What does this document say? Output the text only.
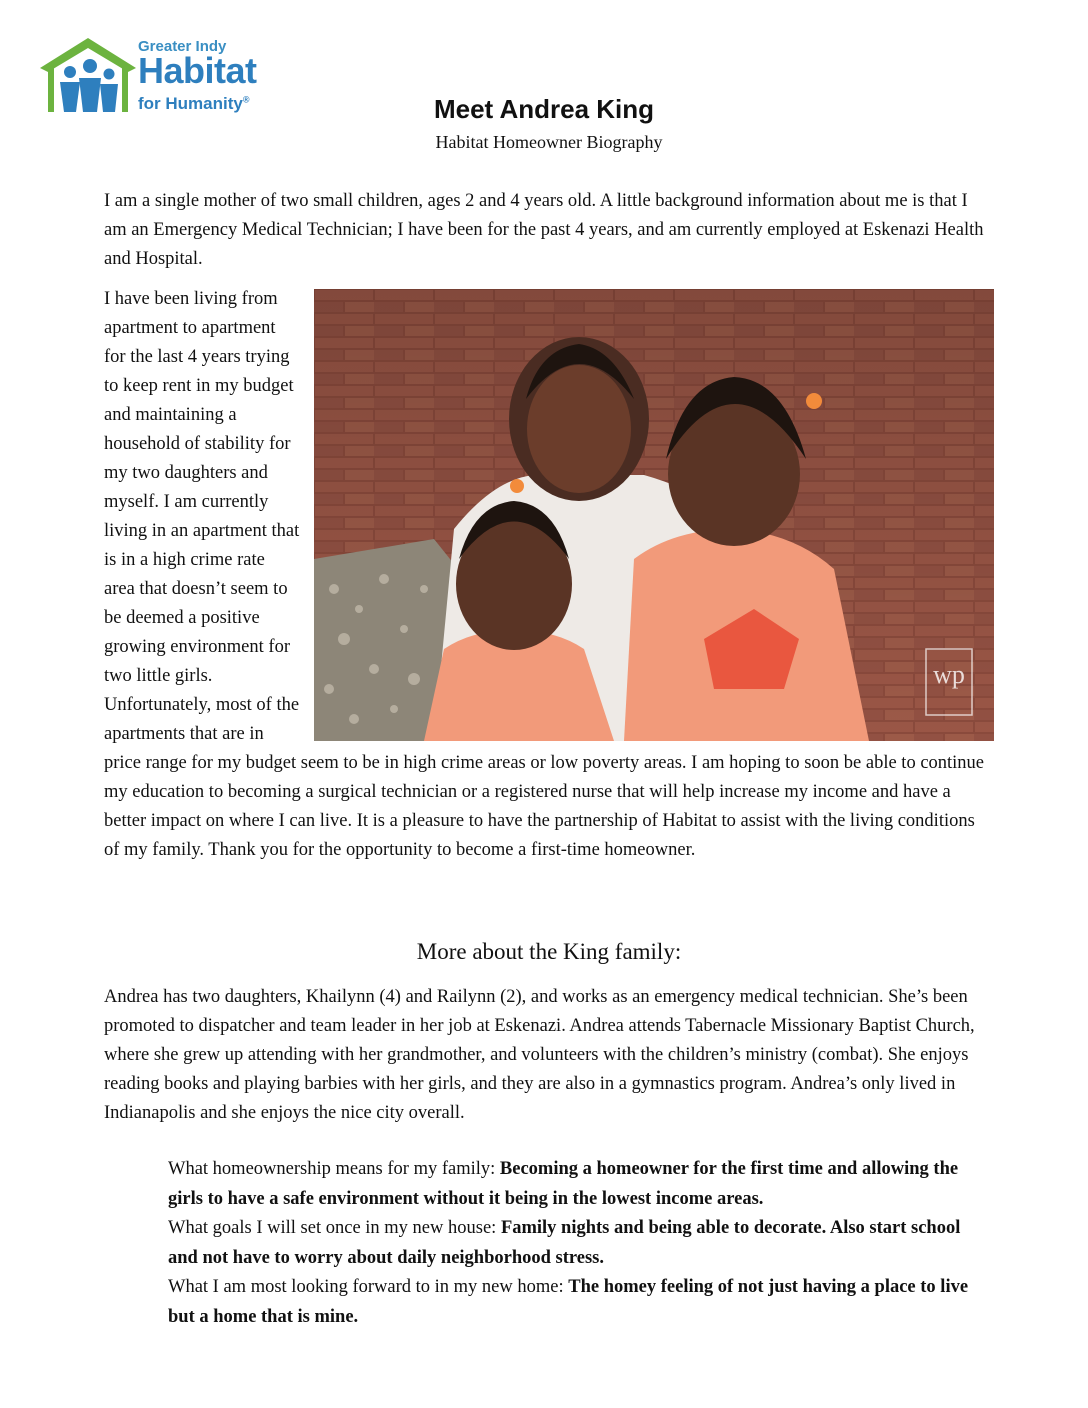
Greater Indy
Habitat
for Humanity®	Meet Andrea King
Habitat Homeowner Biography

I am a single mother of two small children, ages 2 and 4 years old. A little background information about me is that I am an Emergency Medical Technician; I have been for the past 4 years, and am currently employed at Eskenazi Health and Hospital.

wp

I have been living from apartment to apartment for the last 4 years trying to keep rent in my budget and maintaining a household of stability for my two daughters and myself. I am currently living in an apartment that is in a high crime rate area that doesn’t seem to be deemed a positive growing environment for two little girls. Unfortunately, most of the apartments that are in price range for my budget seem to be in high crime areas or low poverty areas. I am hoping to soon be able to continue my education to becoming a surgical technician or a registered nurse that will help increase my income and have a better impact on where I can live. It is a pleasure to have the partnership of Habitat to assist with the living conditions of my family. Thank you for the opportunity to become a first-time homeowner.

More about the King family:

Andrea has two daughters, Khailynn (4) and Railynn (2), and works as an emergency medical technician. She’s been promoted to dispatcher and team leader in her job at Eskenazi. Andrea attends Tabernacle Missionary Baptist Church, where she grew up attending with her grandmother, and volunteers with the children’s ministry (combat). She enjoys reading books and playing barbies with her girls, and they are also in a gymnastics program. Andrea’s only lived in Indianapolis and she enjoys the nice city overall.

What homeownership means for my family: Becoming a homeowner for the first time and allowing the girls to have a safe environment without it being in the lowest income areas.
What goals I will set once in my new house: Family nights and being able to decorate. Also start school and not have to worry about daily neighborhood stress.
What I am most looking forward to in my new home: The homey feeling of not just having a place to live but a home that is mine.
